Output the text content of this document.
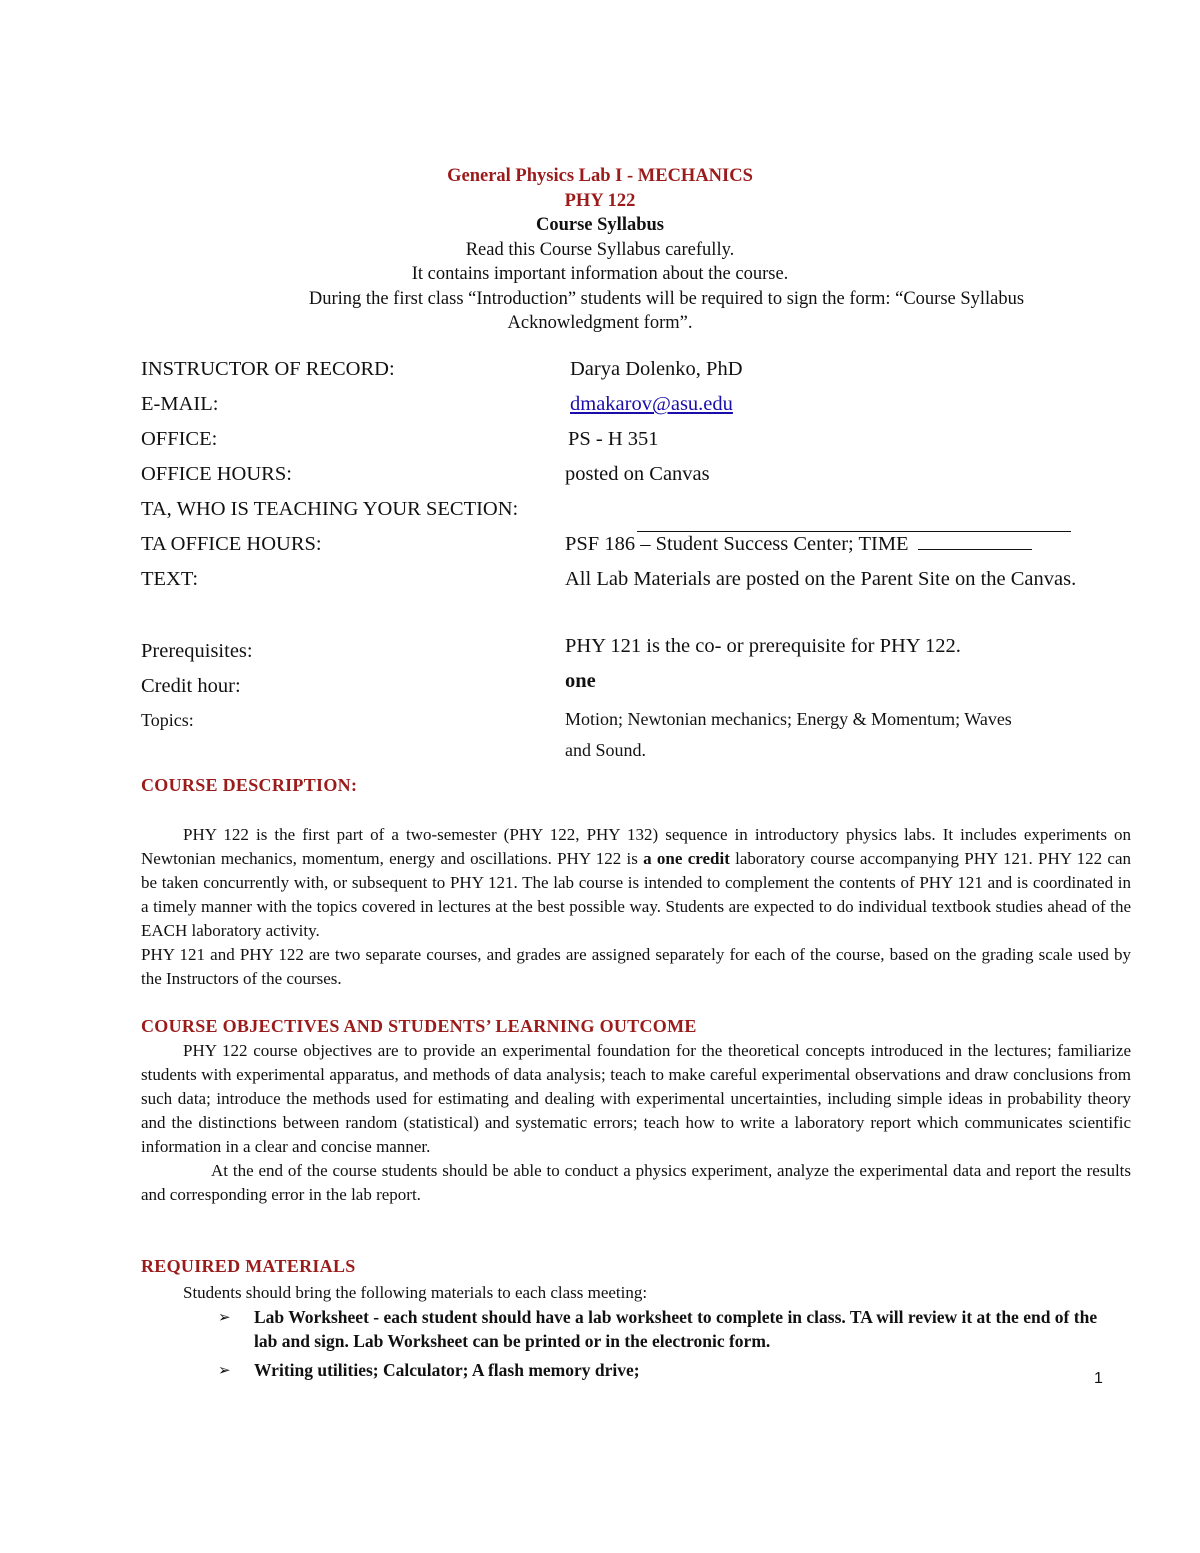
General Physics Lab I - MECHANICS
PHY 122
Course Syllabus
Read this Course Syllabus carefully.
It contains important information about the course.
During the first class “Introduction” students will be required to sign the form: “Course Syllabus
Acknowledgment form”.
INSTRUCTOR OF RECORD:	Darya Dolenko, PhD
E-MAIL:	dmakarov@asu.edu
OFFICE:	PS - H 351
OFFICE HOURS:	posted on Canvas
TA, WHO IS TEACHING YOUR SECTION:
TA OFFICE HOURS:	PSF 186 – Student Success Center; TIME
TEXT:	All Lab Materials are posted on the Parent Site on the Canvas.
Prerequisites:	PHY 121 is the co- or prerequisite for PHY 122.
Credit hour:	one
Topics:	Motion; Newtonian mechanics; Energy & Momentum; Waves and Sound.
COURSE DESCRIPTION:
PHY 122 is the first part of a two-semester (PHY 122, PHY 132) sequence in introductory physics labs. It includes experiments on Newtonian mechanics, momentum, energy and oscillations. PHY 122 is a one credit laboratory course accompanying PHY 121. PHY 122 can be taken concurrently with, or subsequent to PHY 121. The lab course is intended to complement the contents of PHY 121 and is coordinated in a timely manner with the topics covered in lectures at the best possible way. Students are expected to do individual textbook studies ahead of the EACH laboratory activity.
PHY 121 and PHY 122 are two separate courses, and grades are assigned separately for each of the course, based on the grading scale used by the Instructors of the courses.
COURSE OBJECTIVES AND STUDENTS’ LEARNING OUTCOME
PHY 122 course objectives are to provide an experimental foundation for the theoretical concepts introduced in the lectures; familiarize students with experimental apparatus, and methods of data analysis; teach to make careful experimental observations and draw conclusions from such data; introduce the methods used for estimating and dealing with experimental uncertainties, including simple ideas in probability theory and the distinctions between random (statistical) and systematic errors; teach how to write a laboratory report which communicates scientific information in a clear and concise manner.
At the end of the course students should be able to conduct a physics experiment, analyze the experimental data and report the results and corresponding error in the lab report.
REQUIRED MATERIALS
Students should bring the following materials to each class meeting:
➢ Lab Worksheet - each student should have a lab worksheet to complete in class. TA will review it at the end of the lab and sign. Lab Worksheet can be printed or in the electronic form.
➢ Writing utilities; Calculator; A flash memory drive;	1
